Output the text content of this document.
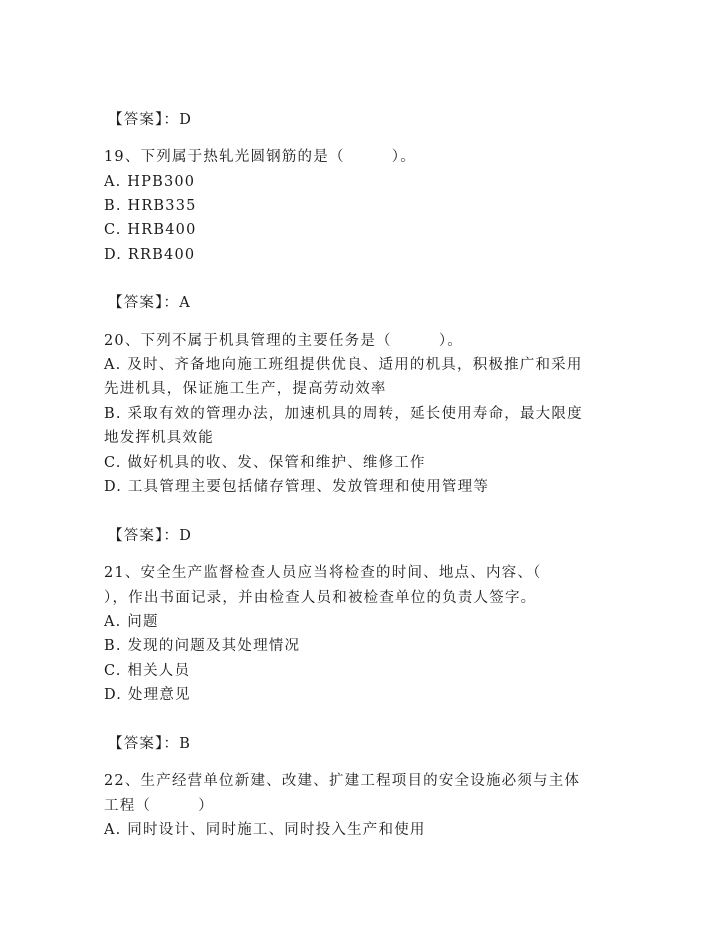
【答案】：D
19、下列属于热轧光圆钢筋的是（　　　）。
A. HPB300
B. HRB335
C. HRB400
D. RRB400
【答案】：A
20、下列不属于机具管理的主要任务是（　　　）。
A. 及时、齐备地向施工班组提供优良、适用的机具，积极推广和采用
先进机具，保证施工生产，提高劳动效率
B. 采取有效的管理办法，加速机具的周转，延长使用寿命，最大限度
地发挥机具效能
C. 做好机具的收、发、保管和维护、维修工作
D. 工具管理主要包括储存管理、发放管理和使用管理等
【答案】：D
21、安全生产监督检查人员应当将检查的时间、地点、内容、（
），作出书面记录，并由检查人员和被检查单位的负责人签字。
A. 问题
B. 发现的问题及其处理情况
C. 相关人员
D. 处理意见
【答案】：B
22、生产经营单位新建、改建、扩建工程项目的安全设施必须与主体
工程（　　　）
A. 同时设计、同时施工、同时投入生产和使用
